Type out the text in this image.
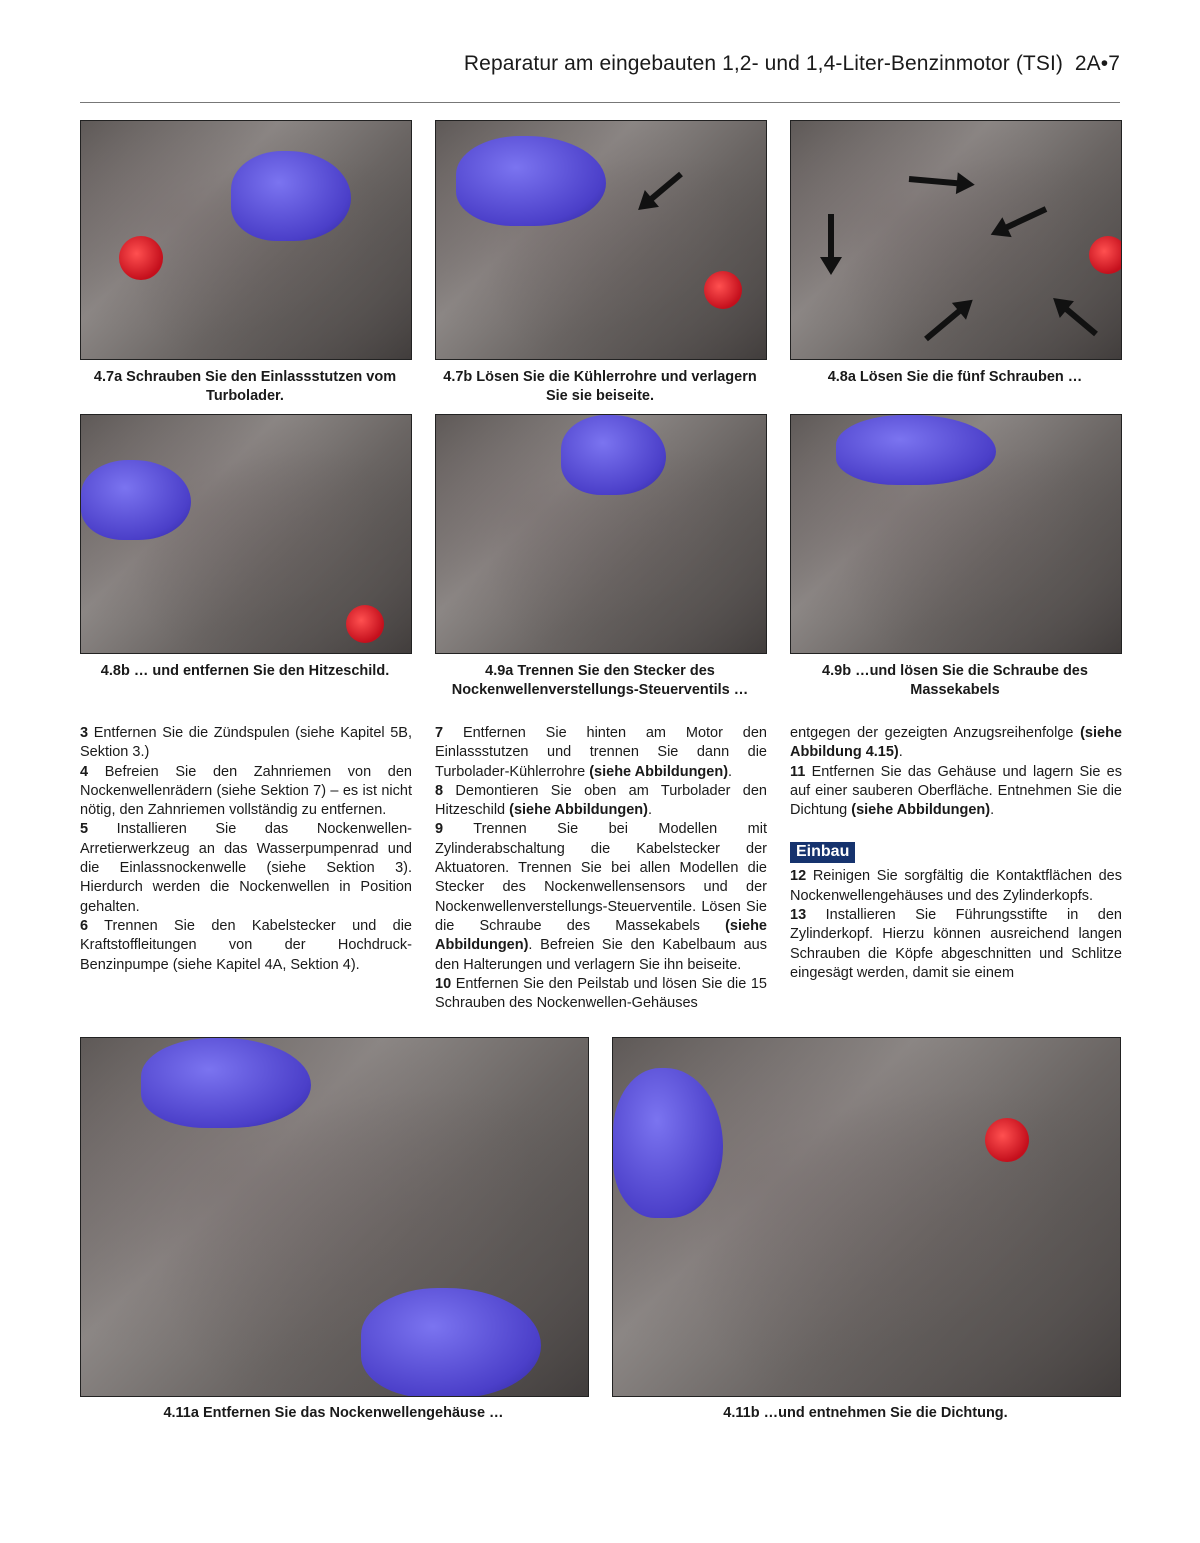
Reparatur am eingebauten 1,2- und 1,4-Liter-Benzinmotor (TSI) 2A•7
4.7a Schrauben Sie den Einlassstutzen vom Turbolader.
4.7b Lösen Sie die Kühlerrohre und verlagern Sie sie beiseite.
4.8a Lösen Sie die fünf Schrauben …
4.8b … und entfernen Sie den Hitzeschild.	4.9a Trennen Sie den Stecker des Nockenwellenverstellungs-Steuerventils …
4.9b …und lösen Sie die Schraube des Massekabels

3 Entfernen Sie die Zündspulen (siehe Kapitel 5B, Sektion 3.)

4 Befreien Sie den Zahnriemen von den Nockenwellenrädern (siehe Sektion 7) – es ist nicht nötig, den Zahnriemen vollständig zu entfernen.

5 Installieren Sie das Nockenwellen-Arretierwerkzeug an das Wasserpumpenrad und die Einlassnockenwelle (siehe Sektion 3). Hierdurch werden die Nockenwellen in Position gehalten.

6 Trennen Sie den Kabelstecker und die Kraftstoffleitungen von der Hochdruck-Benzinpumpe (siehe Kapitel 4A, Sektion 4).

7 Entfernen Sie hinten am Motor den Einlassstutzen und trennen Sie dann die Turbolader-Kühlerrohre (siehe Abbildungen).

8 Demontieren Sie oben am Turbolader den Hitzeschild (siehe Abbildungen).

9 Trennen Sie bei Modellen mit Zylinderabschaltung die Kabelstecker der Aktuatoren. Trennen Sie bei allen Modellen die Stecker des Nockenwellensensors und der Nockenwellenverstellungs-Steuerventile. Lösen Sie die Schraube des Massekabels (siehe Abbildungen). Befreien Sie den Kabelbaum aus den Halterungen und verlagern Sie ihn beiseite.

10 Entfernen Sie den Peilstab und lösen Sie die 15 Schrauben des Nockenwellen-Gehäuses

entgegen der gezeigten Anzugsreihenfolge (siehe Abbildung 4.15).

11 Entfernen Sie das Gehäuse und lagern Sie es auf einer sauberen Oberfläche. Entnehmen Sie die Dichtung (siehe Abbildungen).

Einbau

12 Reinigen Sie sorgfältig die Kontaktflächen des Nockenwellengehäuses und des Zylinderkopfs.

13 Installieren Sie Führungsstifte in den Zylinderkopf. Hierzu können ausreichend langen Schrauben die Köpfe abgeschnitten und Schlitze eingesägt werden, damit sie einem

4.11a Entfernen Sie das Nockenwellengehäuse …	4.11b …und entnehmen Sie die Dichtung.
